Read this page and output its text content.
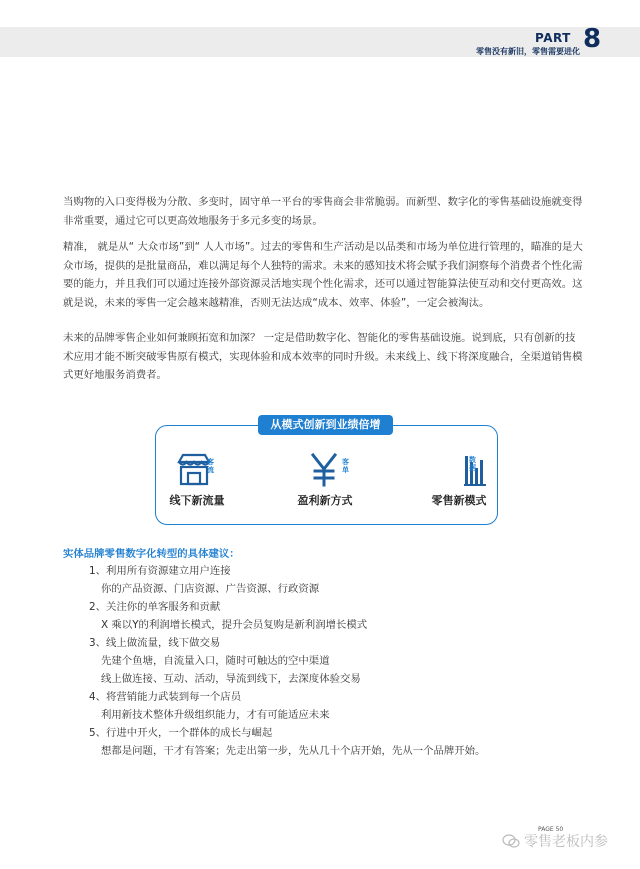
PART 8
零售没有新旧，零售需要进化

当购物的入口变得极为分散、多变时，固守单一平台的零售商会非常脆弱。而新型、数字化的零售基础设施就变得非常重要，通过它可以更高效地服务于多元多变的场景。

精准， 就是从“ 大众市场”到“ 人人市场”。过去的零售和生产活动是以品类和市场为单位进行管理的，瞄准的是大众市场，提供的是批量商品，难以满足每个人独特的需求。未来的感知技术将会赋予我们洞察每个消费者个性化需要的能力，并且我们可以通过连接外部资源灵活地实现个性化需求，还可以通过智能算法使互动和交付更高效。这就是说，未来的零售一定会越来越精准，否则无法达成“成本、效率、体验”，一定会被淘汰。

未来的品牌零售企业如何兼顾拓宽和加深？ 一定是借助数字化、智能化的零售基础设施。说到底，只有创新的技术应用才能不断突破零售原有模式，实现体验和成本效率的同时升级。未来线上、线下将深度融合，全渠道销售模式更好地服务消费者。

从模式创新到业绩倍增
客流
线下新流量
客单
盈利新方式
数据
零售新模式
实体品牌零售数字化转型的具体建议：
1、利用所有资源建立用户连接
你的产品资源、门店资源、广告资源、行政资源
2、关注你的单客服务和贡献
X 乘以Y的利润增长模式，提升会员复购是新利润增长模式
3、线上做流量，线下做交易
先建个鱼塘，自流量入口，随时可触达的空中渠道
线上做连接、互动、活动，导流到线下，去深度体验交易
4、将营销能力武装到每一个店员
利用新技术整体升级组织能力，才有可能适应未来
5、行进中开火，一个群体的成长与崛起
想都是问题，干才有答案；先走出第一步，先从几十个店开始，先从一个品牌开始。
PAGE 50
零售老板内参
